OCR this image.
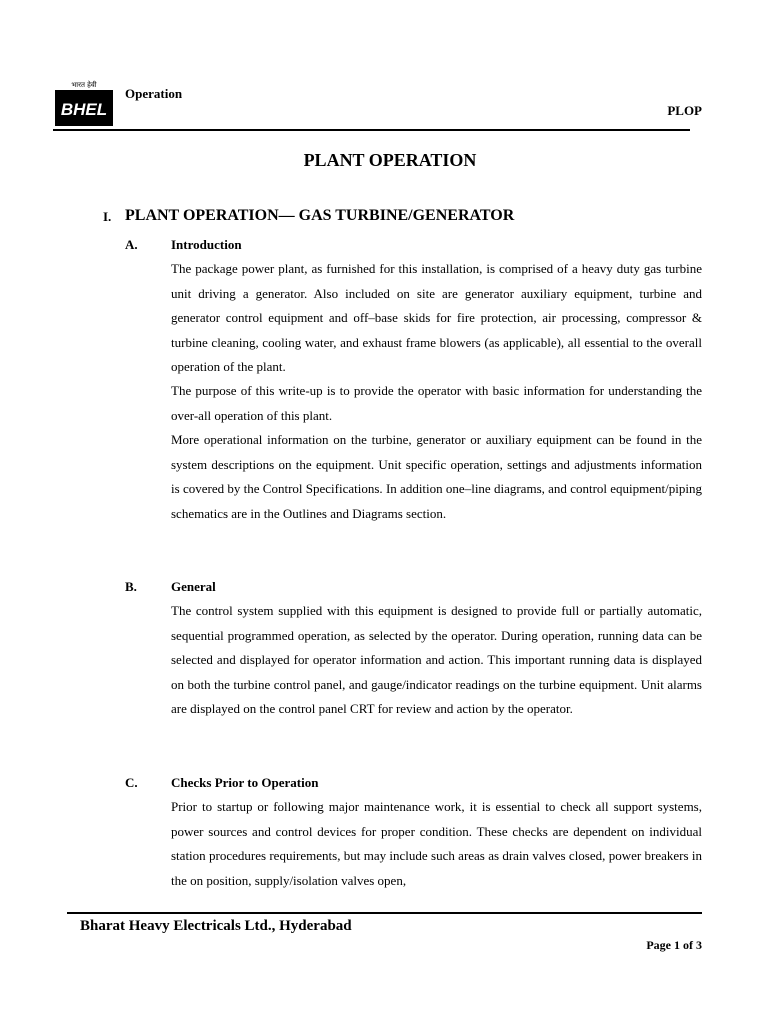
भारत हेवी
BHEL
Operation
PLOP
PLANT OPERATION
I. PLANT OPERATION— GAS TURBINE/GENERATOR
A.	Introduction

The package power plant, as furnished for this installation, is comprised of a heavy duty gas turbine unit driving a generator. Also included on site are generator auxiliary equipment, turbine and generator control equipment and off–base skids for fire protection, air processing, compressor & turbine cleaning, cooling water, and exhaust frame blowers (as applicable), all essential to the overall operation of the plant.

The purpose of this write-up is to provide the operator with basic information for understanding the over-all operation of this plant.

More operational information on the turbine, generator or auxiliary equipment can be found in the system descriptions on the equipment. Unit specific operation, settings and adjustments information is covered by the Control Specifications. In addition one–line diagrams, and control equipment/piping schematics are in the Outlines and Diagrams section.

B.	General

The control system supplied with this equipment is designed to provide full or partially automatic, sequential programmed operation, as selected by the operator. During operation, running data can be selected and displayed for operator information and action. This important running data is displayed on both the turbine control panel, and gauge/indicator readings on the turbine equipment. Unit alarms are displayed on the control panel CRT for review and action by the operator.

C.	Checks Prior to Operation

Prior to startup or following major maintenance work, it is essential to check all support systems, power sources and control devices for proper condition. These checks are dependent on individual station procedures requirements, but may include such areas as drain valves closed, power breakers in the on position, supply/isolation valves open,

Bharat Heavy Electricals Ltd., Hyderabad
Page 1 of 3
